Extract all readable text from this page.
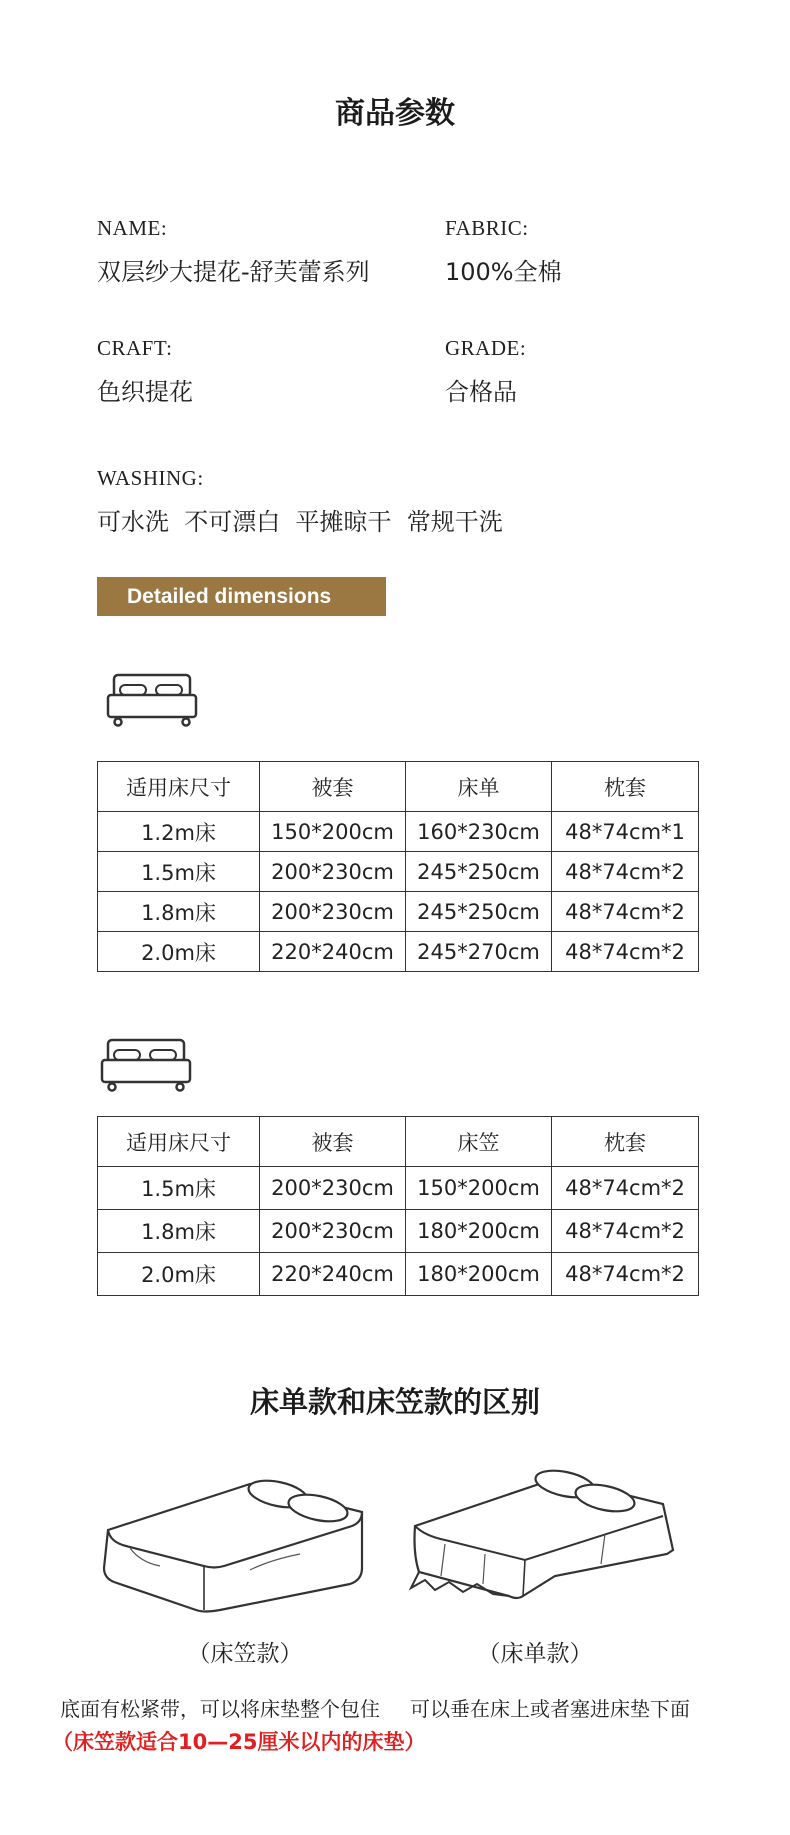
商品参数
NAME:
双层纱大提花-舒芙蕾系列
FABRIC:
100%全棉
CRAFT:
色织提花
GRADE:
合格品
WASHING:
可水洗  不可漂白  平摊晾干  常规干洗
Detailed dimensions
适用床尺寸	被套	床单	枕套
1.2m床	150*200cm	160*230cm	48*74cm*1
1.5m床	200*230cm	245*250cm	48*74cm*2
1.8m床	200*230cm	245*250cm	48*74cm*2
2.0m床	220*240cm	245*270cm	48*74cm*2
适用床尺寸	被套	床笠	枕套
1.5m床	200*230cm	150*200cm	48*74cm*2
1.8m床	200*230cm	180*200cm	48*74cm*2
2.0m床	220*240cm	180*200cm	48*74cm*2
床单款和床笠款的区别
（床笠款）	（床单款）
底面有松紧带，可以将床垫整个包住 可以垂在床上或者塞进床垫下面
（床笠款适合10—25厘米以内的床垫）
